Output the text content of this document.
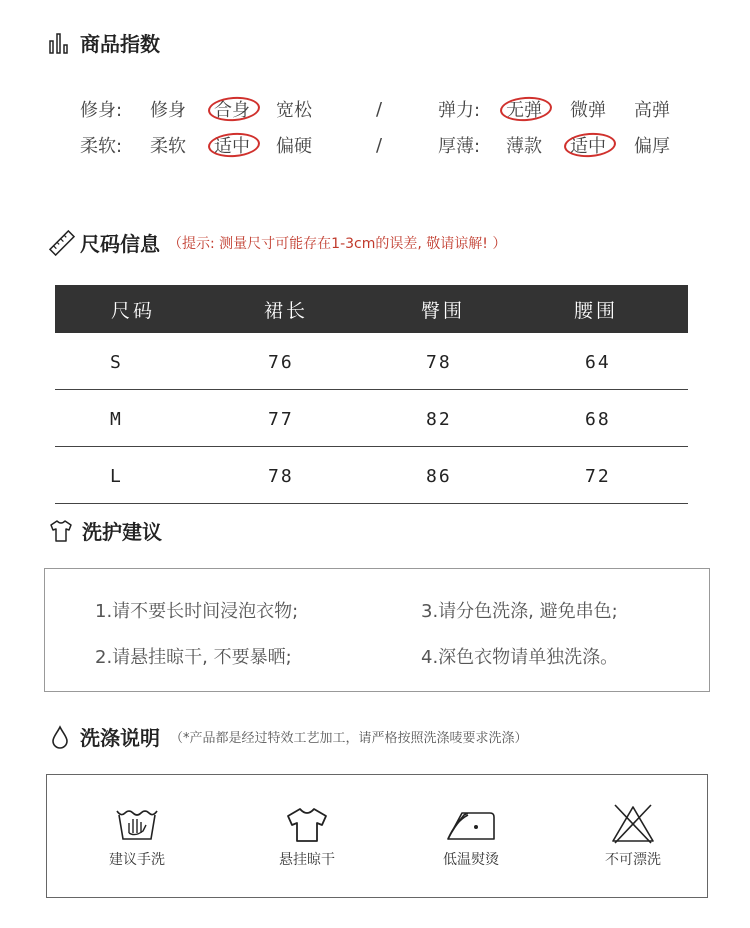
商品指数
修身: 修身 合身 宽松	/	弹力: 无弹 微弹 高弹
柔软: 柔软 适中 偏硬	/	厚薄: 薄款 适中 偏厚
尺码信息 （提示: 测量尺寸可能存在1-3cm的误差, 敬请谅解! ）
尺码	裙长	臀围	腰围
S	76	78	64
M	77	82	68
L	78	86	72
洗护建议
1.请不要长时间浸泡衣物;	3.请分色洗涤, 避免串色;
2.请悬挂晾干, 不要暴晒;	4.深色衣物请单独洗涤。
洗涤说明 （*产品都是经过特效工艺加工，请严格按照洗涤唛要求洗涤）
建议手洗	悬挂晾干	低温熨烫	不可漂洗
